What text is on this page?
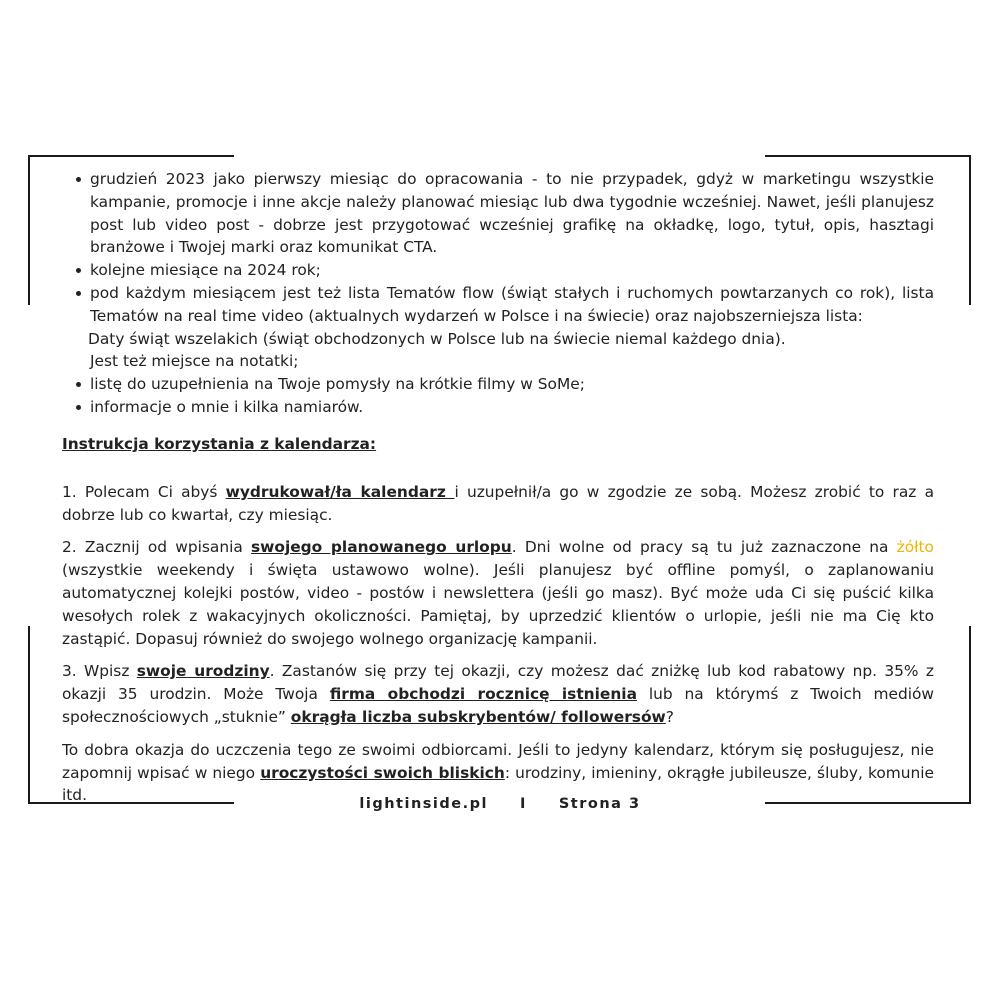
grudzień 2023 jako pierwszy miesiąc do opracowania - to nie przypadek, gdyż w marketingu wszystkie kampanie, promocje i inne akcje należy planować miesiąc lub dwa tygodnie wcześniej. Nawet, jeśli planujesz post lub video post - dobrze jest przygotować wcześniej grafikę na okładkę, logo, tytuł, opis, hasztagi branżowe i Twojej marki oraz komunikat CTA.
kolejne miesiące na 2024 rok;
pod każdym miesiącem jest też lista Tematów flow (świąt stałych i ruchomych powtarzanych co rok), lista Tematów na real time video (aktualnych wydarzeń w Polsce i na świecie) oraz najobszerniejsza lista:
Daty świąt wszelakich (świąt obchodzonych w Polsce lub na świecie niemal każdego dnia).
Jest też miejsce na notatki;
listę do uzupełnienia na Twoje pomysły na krótkie filmy w SoMe;
informacje o mnie i kilka namiarów.
Instrukcja korzystania z kalendarza:

1. Polecam Ci abyś wydrukował/ła kalendarz i uzupełnił/a go w zgodzie ze sobą. Możesz zrobić to raz a dobrze lub co kwartał, czy miesiąc.

2. Zacznij od wpisania swojego planowanego urlopu. Dni wolne od pracy są tu już zaznaczone na żółto (wszystkie weekendy i święta ustawowo wolne). Jeśli planujesz być offline pomyśl, o zaplanowaniu automatycznej kolejki postów, video - postów i newslettera (jeśli go masz). Być może uda Ci się puścić kilka wesołych rolek z wakacyjnych okoliczności. Pamiętaj, by uprzedzić klientów o urlopie, jeśli nie ma Cię kto zastąpić. Dopasuj również do swojego wolnego organizację kampanii.

3. Wpisz swoje urodziny. Zastanów się przy tej okazji, czy możesz dać zniżkę lub kod rabatowy np. 35% z okazji 35 urodzin. Może Twoja firma obchodzi rocznicę istnienia lub na którymś z Twoich mediów społecznościowych „stuknie” okrągła liczba subskrybentów/ followersów?

To dobra okazja do uczczenia tego ze swoimi odbiorcami. Jeśli to jedyny kalendarz, którym się posługujesz, nie zapomnij wpisać w niego uroczystości swoich bliskich: urodziny, imieniny, okrągłe jubileusze, śluby, komunie itd.	lightinside.pl I Strona 3
